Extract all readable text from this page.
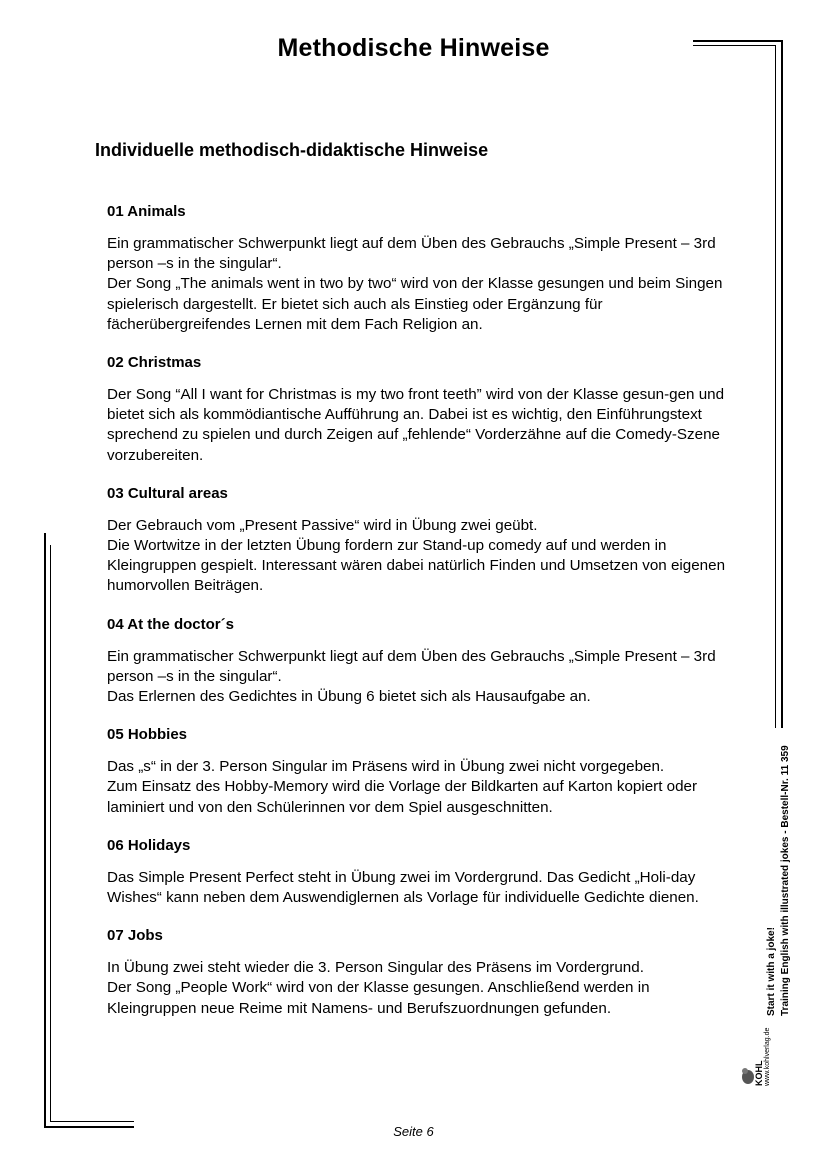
Methodische Hinweise
Individuelle methodisch-didaktische Hinweise
01 Animals

Ein grammatischer Schwerpunkt liegt auf dem Üben des Gebrauchs „Simple Present – 3rd person –s in the singular“.

Der Song „The animals went in two by two“ wird von der Klasse gesungen und beim Singen spielerisch dargestellt. Er bietet sich auch als Einstieg oder Ergänzung für fächerübergreifendes Lernen mit dem Fach Religion an.

02 Christmas

Der Song “All I want for Christmas is my two front teeth” wird von der Klasse gesun-gen und bietet sich als kommödiantische Aufführung an. Dabei ist es wichtig, den Einführungstext sprechend zu spielen und durch Zeigen auf „fehlende“ Vorderzähne auf die Comedy-Szene vorzubereiten.

03 Cultural areas

Der Gebrauch vom „Present Passive“ wird in Übung zwei geübt.

Die Wortwitze in der letzten Übung fordern zur Stand-up comedy auf und werden in Kleingruppen gespielt. Interessant wären dabei natürlich Finden und Umsetzen von eigenen humorvollen Beiträgen.

04 At the doctor´s

Ein grammatischer Schwerpunkt liegt auf dem Üben des Gebrauchs „Simple Present – 3rd person –s in the singular“.

Das Erlernen des Gedichtes in Übung 6 bietet sich als Hausaufgabe an.

05 Hobbies

Das „s“ in der 3. Person Singular im Präsens wird in Übung zwei nicht vorgegeben.

Zum Einsatz des Hobby-Memory wird die Vorlage der Bildkarten auf Karton kopiert oder laminiert und von den Schülerinnen vor dem Spiel ausgeschnitten.

06 Holidays

Das Simple Present Perfect steht in Übung zwei im Vordergrund. Das Gedicht „Holi-day Wishes“ kann neben dem Auswendiglernen als Vorlage für individuelle Gedichte dienen.

07 Jobs

In Übung zwei steht wieder die 3. Person Singular des Präsens im Vordergrund.

Der Song „People Work“ wird von der Klasse gesungen. Anschließend werden in Kleingruppen neue Reime mit Namens- und Berufszuordnungen gefunden.	Start it with a joke! Training English with illustrated jokes - Bestell-Nr. 11 359
KOHL www.kohlverlag.de
Seite 6
